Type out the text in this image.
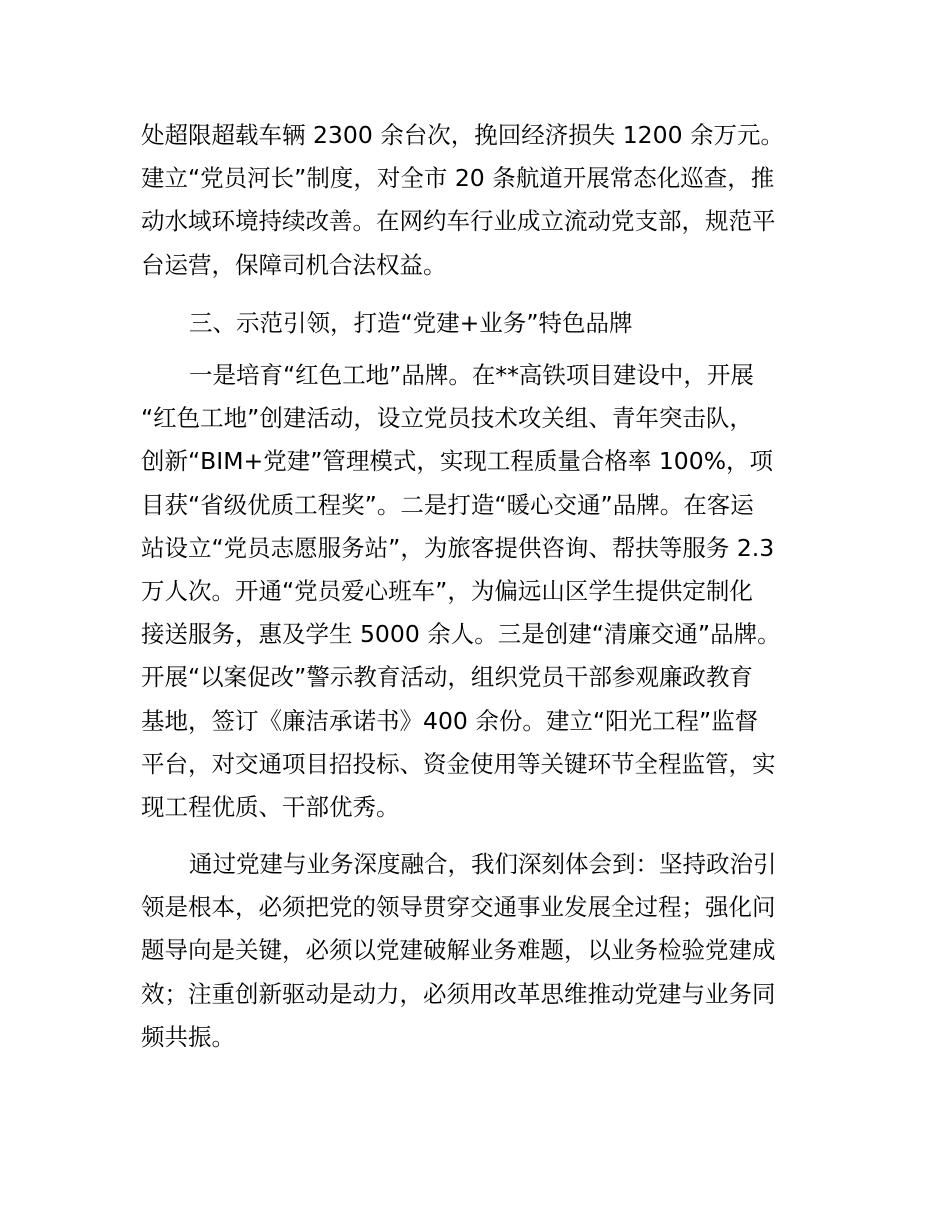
处超限超载车辆 2300 余台次，挽回经济损失 1200 余万元。
建立“党员河长”制度，对全市 20 条航道开展常态化巡查，推
动水域环境持续改善。在网约车行业成立流动党支部，规范平
台运营，保障司机合法权益。
三、示范引领，打造“党建+业务”特色品牌
一是培育“红色工地”品牌。在**高铁项目建设中，开展
“红色工地”创建活动，设立党员技术攻关组、青年突击队，
创新“BIM+党建”管理模式，实现工程质量合格率 100%，项
目获“省级优质工程奖”。二是打造“暖心交通”品牌。在客运
站设立“党员志愿服务站”，为旅客提供咨询、帮扶等服务 2.3
万人次。开通“党员爱心班车”，为偏远山区学生提供定制化
接送服务，惠及学生 5000 余人。三是创建“清廉交通”品牌。
开展“以案促改”警示教育活动，组织党员干部参观廉政教育
基地，签订《廉洁承诺书》400 余份。建立“阳光工程”监督
平台，对交通项目招投标、资金使用等关键环节全程监管，实
现工程优质、干部优秀。
通过党建与业务深度融合，我们深刻体会到：坚持政治引
领是根本，必须把党的领导贯穿交通事业发展全过程；强化问
题导向是关键，必须以党建破解业务难题，以业务检验党建成
效；注重创新驱动是动力，必须用改革思维推动党建与业务同
频共振。
